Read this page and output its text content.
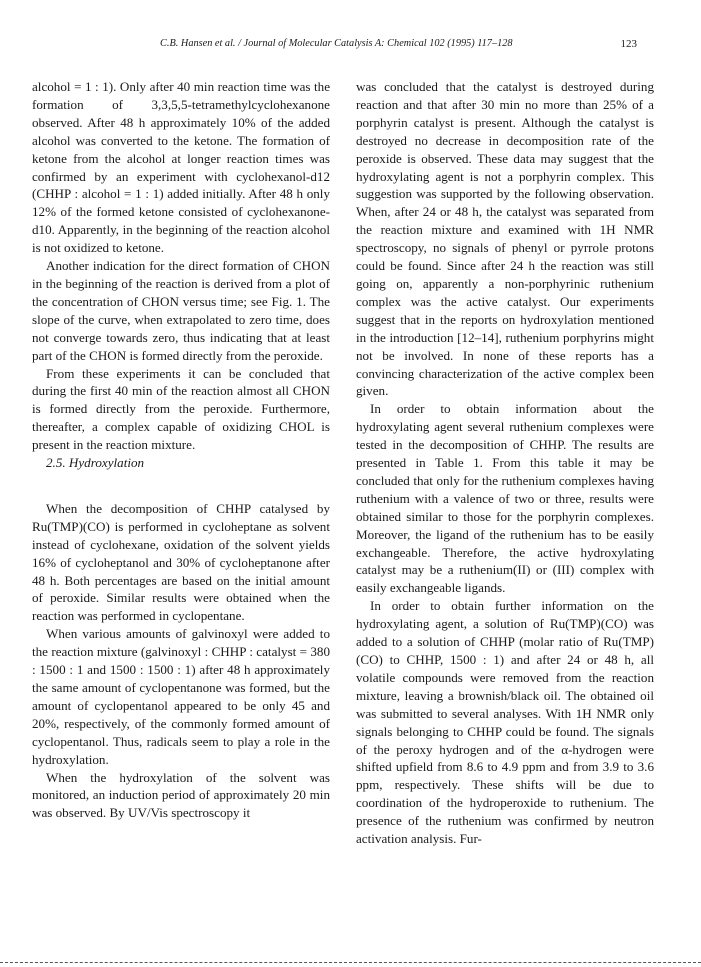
C.B. Hansen et al. / Journal of Molecular Catalysis A: Chemical 102 (1995) 117–128	123

alcohol = 1 : 1). Only after 40 min reaction time was the formation of 3,3,5,5-tetramethylcyclohexanone observed. After 48 h approximately 10% of the added alcohol was converted to the ketone. The formation of ketone from the alcohol at longer reaction times was confirmed by an experiment with cyclohexanol-d12 (CHHP : alcohol = 1 : 1) added initially. After 48 h only 12% of the formed ketone consisted of cyclohexanone-d10. Apparently, in the beginning of the reaction alcohol is not oxidized to ketone.

Another indication for the direct formation of CHON in the beginning of the reaction is derived from a plot of the concentration of CHON versus time; see Fig. 1. The slope of the curve, when extrapolated to zero time, does not converge towards zero, thus indicating that at least part of the CHON is formed directly from the peroxide.

From these experiments it can be concluded that during the first 40 min of the reaction almost all CHON is formed directly from the peroxide. Furthermore, thereafter, a complex capable of oxidizing CHOL is present in the reaction mixture.

2.5. Hydroxylation

When the decomposition of CHHP catalysed by Ru(TMP)(CO) is performed in cycloheptane as solvent instead of cyclohexane, oxidation of the solvent yields 16% of cycloheptanol and 30% of cycloheptanone after 48 h. Both percentages are based on the initial amount of peroxide. Similar results were obtained when the reaction was performed in cyclopentane.

When various amounts of galvinoxyl were added to the reaction mixture (galvinoxyl : CHHP : catalyst = 380 : 1500 : 1 and 1500 : 1500 : 1) after 48 h approximately the same amount of cyclopentanone was formed, but the amount of cyclopentanol appeared to be only 45 and 20%, respectively, of the commonly formed amount of cyclopentanol. Thus, radicals seem to play a role in the hydroxylation.

When the hydroxylation of the solvent was monitored, an induction period of approximately 20 min was observed. By UV/Vis spectroscopy it

was concluded that the catalyst is destroyed during reaction and that after 30 min no more than 25% of a porphyrin catalyst is present. Although the catalyst is destroyed no decrease in decomposition rate of the peroxide is observed. These data may suggest that the hydroxylating agent is not a porphyrin complex. This suggestion was supported by the following observation. When, after 24 or 48 h, the catalyst was separated from the reaction mixture and examined with 1H NMR spectroscopy, no signals of phenyl or pyrrole protons could be found. Since after 24 h the reaction was still going on, apparently a non-porphyrinic ruthenium complex was the active catalyst. Our experiments suggest that in the reports on hydroxylation mentioned in the introduction [12–14], ruthenium porphyrins might not be involved. In none of these reports has a convincing characterization of the active complex been given.

In order to obtain information about the hydroxylating agent several ruthenium complexes were tested in the decomposition of CHHP. The results are presented in Table 1. From this table it may be concluded that only for the ruthenium complexes having ruthenium with a valence of two or three, results were obtained similar to those for the porphyrin complexes. Moreover, the ligand of the ruthenium has to be easily exchangeable. Therefore, the active hydroxylating catalyst may be a ruthenium(II) or (III) complex with easily exchangeable ligands.

In order to obtain further information on the hydroxylating agent, a solution of Ru(TMP)(CO) was added to a solution of CHHP (molar ratio of Ru(TMP)(CO) to CHHP, 1500 : 1) and after 24 or 48 h, all volatile compounds were removed from the reaction mixture, leaving a brownish/black oil. The obtained oil was submitted to several analyses. With 1H NMR only signals belonging to CHHP could be found. The signals of the peroxy hydrogen and of the α-hydrogen were shifted upfield from 8.6 to 4.9 ppm and from 3.9 to 3.6 ppm, respectively. These shifts will be due to coordination of the hydroperoxide to ruthenium. The presence of the ruthenium was confirmed by neutron activation analysis. Fur-
